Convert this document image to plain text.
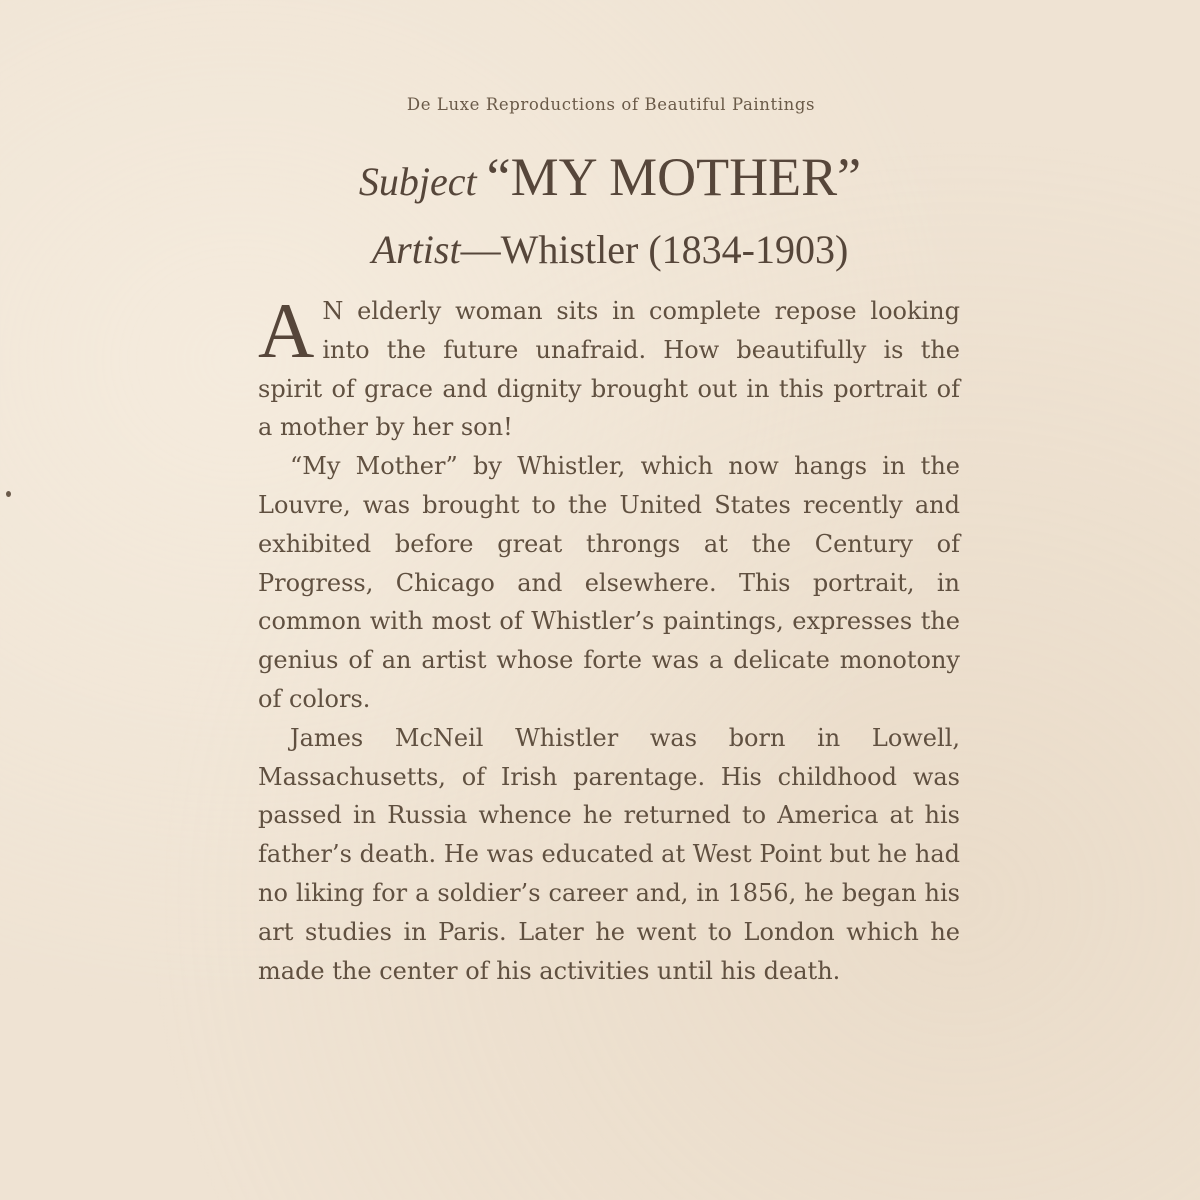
De Luxe Reproductions of Beautiful Paintings
Subject “MY MOTHER”
Artist—Whistler (1834-1903)

A N elderly woman sits in complete repose looking into the future unafraid. How beautifully is the spirit of grace and dignity brought out in this portrait of a mother by her son!

“My Mother” by Whistler, which now hangs in the Louvre, was brought to the United States recently and exhibited before great throngs at the Century of Progress, Chicago and elsewhere. This portrait, in common with most of Whistler’s paintings, expresses the genius of an artist whose forte was a delicate monotony of colors.

James McNeil Whistler was born in Lowell, Massachusetts, of Irish parentage. His childhood was passed in Russia whence he returned to America at his father’s death. He was educated at West Point but he had no liking for a soldier’s career and, in 1856, he began his art studies in Paris. Later he went to London which he made the center of his activities until his death.
